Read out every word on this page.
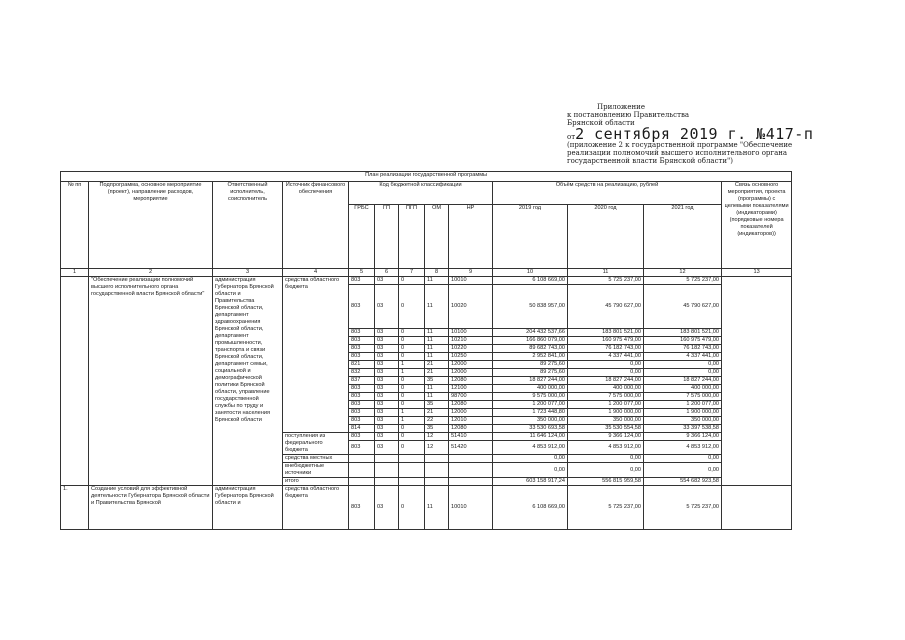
Приложение
к постановлению Правительства
Брянской области
от2 сентября 2019 г. №417-п
(приложение 2 к государственной программе "Обеспечение реализации полномочий высшего исполнительного органа государственной власти Брянской области")
План реализации государственной программы												
№ пп	Подпрограмма, основное мероприятие (проект), направление расходов, мероприятие	Ответственный исполнитель, соисполнитель	Источник финансового обеспечения	Код бюджетной классификации					Объём средств на реализацию, рублей			Связь основного мероприятия, проекта (программы) с целевыми показателями (индикаторами) (порядковые номера показателей (индикаторов))
				ГРБС	ГП	ПГП	ОМ	НР	2019 год	2020 год	2021 год	
1	2	3	4	5	6	7	8	9	10	11	12	13
	"Обеспечение реализации полномочий высшего исполнительного органа государственной власти Брянской области"	администрация Губернатора Брянской области и Правительства Брянской области, департамент здравоохранения Брянской области, департамент промышленности, транспорта и связи Брянской области, департамент семьи, социальной и демографической политики Брянской области, управление государственной службы по труду и занятости населения Брянской области	средства областного бюджета	803	03	0	11	10010	6 108 669,00	5 725 237,00	5 725 237,00	
				803	03	0	11	10020	50 838 957,00	45 790 627,00	45 790 627,00	
				803	03	0	11	10100	204 432 537,66	183 801 521,00	183 801 521,00	
				803	03	0	11	10210	166 860 079,00	160 975 479,00	160 975 479,00	
				803	03	0	11	10220	89 682 743,00	76 182 743,00	76 182 743,00	
				803	03	0	11	10250	2 952 841,00	4 337 441,00	4 337 441,00	
				821	03	1	21	12000	89 275,60	0,00	0,00	
				832	03	1	21	12000	89 275,60	0,00	0,00	
				837	03	0	35	12080	18 827 244,00	18 827 244,00	18 827 244,00	
				803	03	0	11	12100	400 000,00	400 000,00	400 000,00	
				803	03	0	11	98700	9 575 000,00	7 575 000,00	7 575 000,00	
				803	03	0	35	12080	1 200 077,00	1 200 077,00	1 200 077,00	
				803	03	1	21	12000	1 723 448,80	1 900 000,00	1 900 000,00	
				803	03	1	22	12010	350 000,00	350 000,00	350 000,00	
				814	03	0	35	12080	33 530 693,58	35 530 554,58	33 397 538,58	
			поступления из федерального бюджета	803	03	0	12	51410	11 646 124,00	9 366 124,00	9 366 124,00	
				803	03	0	12	51420	4 853 912,00	4 853 912,00	4 853 912,00	
			средства местных						0,00	0,00	0,00	
			внебюджетные источники						0,00	0,00	0,00	
			итого						603 158 917,24	556 815 959,58	554 682 923,58	
1.	Создание условий для эффективной деятельности Губернатора Брянской области и Правительства Брянской	администрация Губернатора Брянской области и	средства областного бюджета	803	03	0	11	10010	6 108 669,00	5 725 237,00	5 725 237,00	
